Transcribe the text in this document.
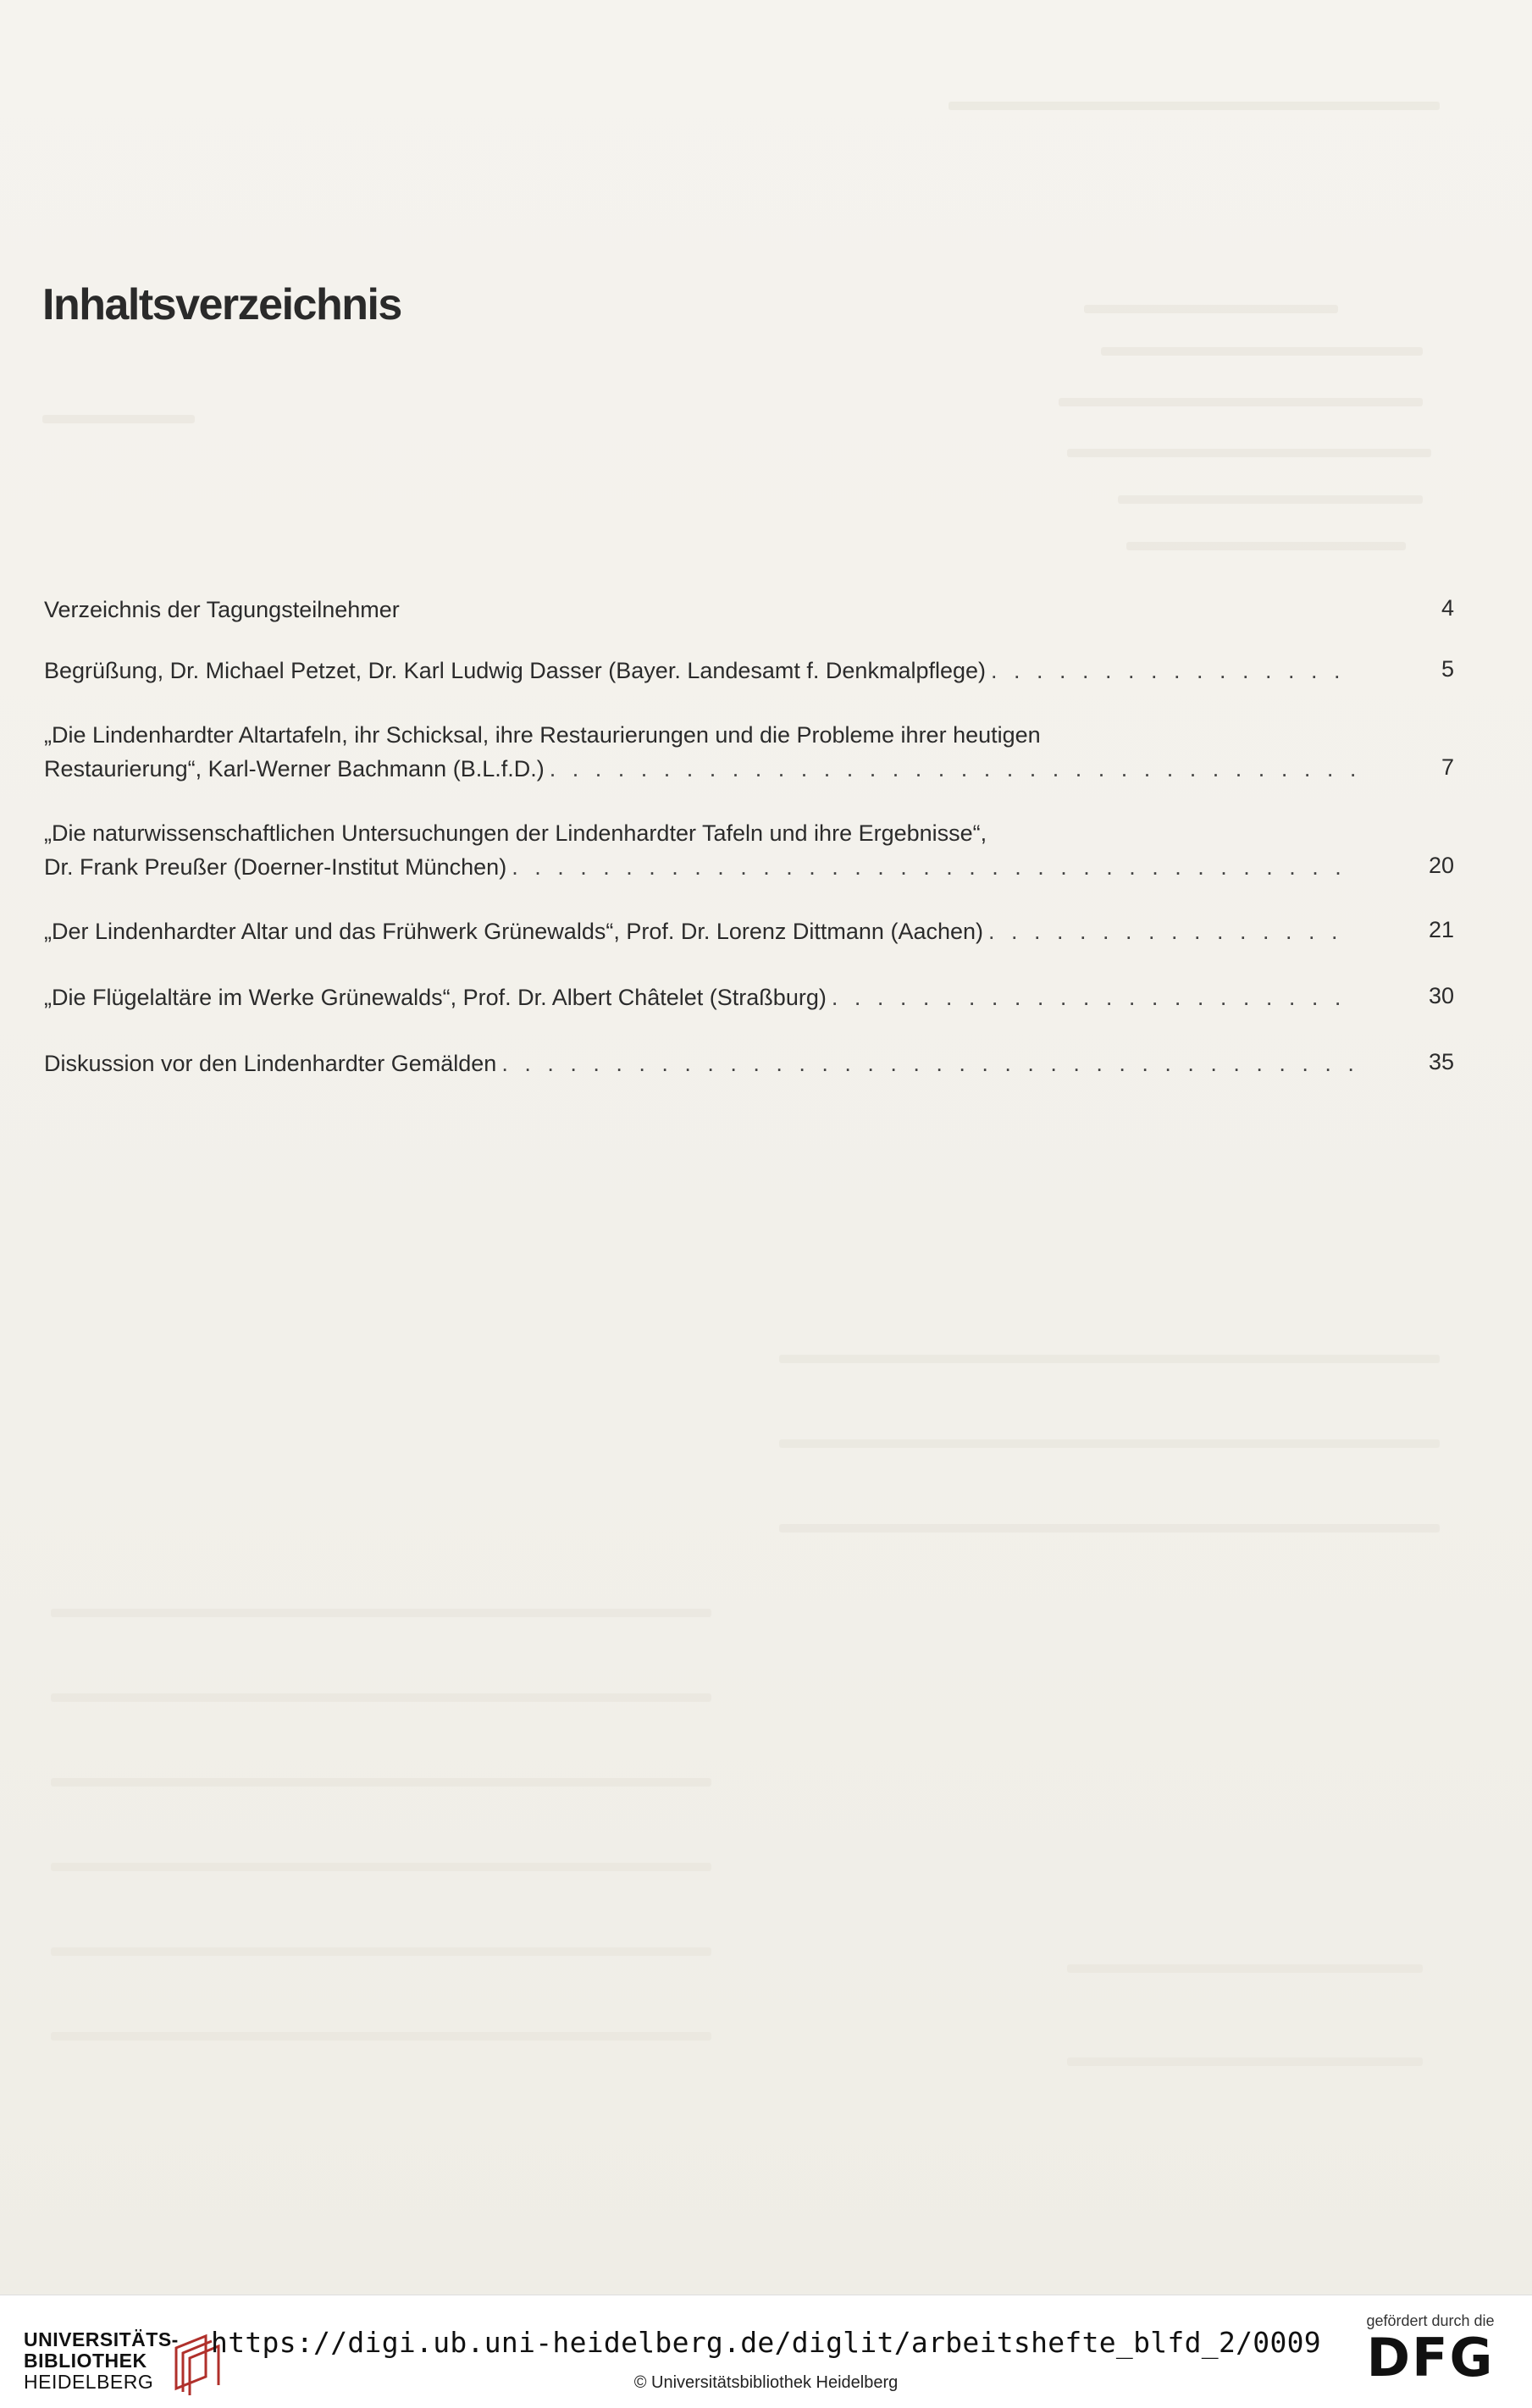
Inhaltsverzeichnis
Verzeichnis der Tagungsteilnehmer	4
Begrüßung, Dr. Michael Petzet, Dr. Karl Ludwig Dasser (Bayer. Landesamt f. Denkmalpflege) . . .	5
„Die Lindenhardter Altartafeln, ihr Schicksal, ihre Restaurierungen und die Probleme ihrer heutigen
Restaurierung“, Karl-Werner Bachmann (B.L.f.D.) . . .	7
„Die naturwissenschaftlichen Untersuchungen der Lindenhardter Tafeln und ihre Ergebnisse“,
Dr. Frank Preußer (Doerner-Institut München) . . .	20
„Der Lindenhardter Altar und das Frühwerk Grünewalds“, Prof. Dr. Lorenz Dittmann (Aachen) . . .	21
„Die Flügelaltäre im Werke Grünewalds“, Prof. Dr. Albert Châtelet (Straßburg) . . .	30
Diskussion vor den Lindenhardter Gemälden . . .	35
UNIVERSITÄTS-
BIBLIOTHEK
HEIDELBERG
https://digi.ub.uni-heidelberg.de/diglit/arbeitshefte_blfd_2/0009
© Universitätsbibliothek Heidelberg
gefördert durch die
DFG
